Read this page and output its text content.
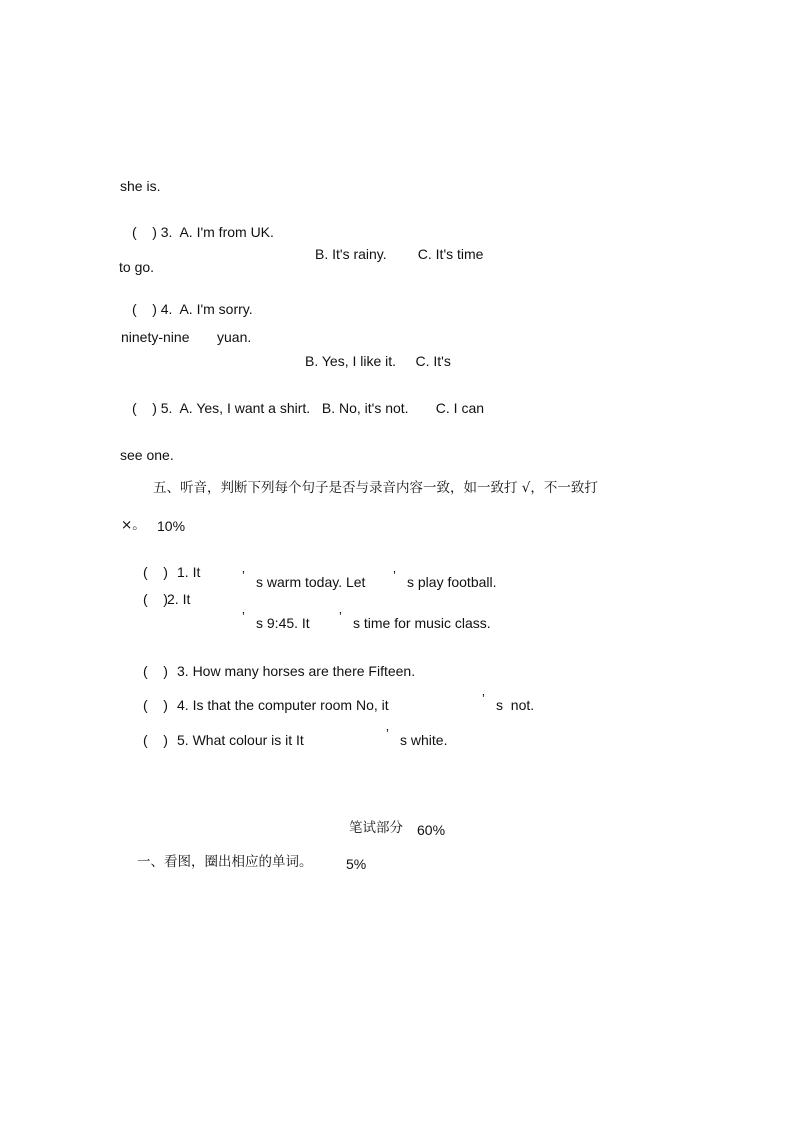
she is.
(    ) 3.  A. I'm from UK.
B. It's rainy.        C. It's time
to go.
(    ) 4.  A. I'm sorry.
ninety-nine yuan.
B. Yes, I like it.     C. It's
(    ) 5.  A. Yes, I want a shirt.   B. No, it's not.       C. I can
see one.
五、听音，判断下列每个句子是否与录音内容一致，如一致打 √，不一致打
×。 10%
(    ) 1. It	’ s warm today. Let ’ s play football.
(    ) 2. It
’ s 9:45. It ’ s time for music class.
(    ) 3. How many horses are there Fifteen.
(    ) 4. Is that the computer room No, it	’ s  not.
(    ) 5. What colour is it It	’ s white.
笔试部分 60%
一、看图，圈出相应的单词。 5%
